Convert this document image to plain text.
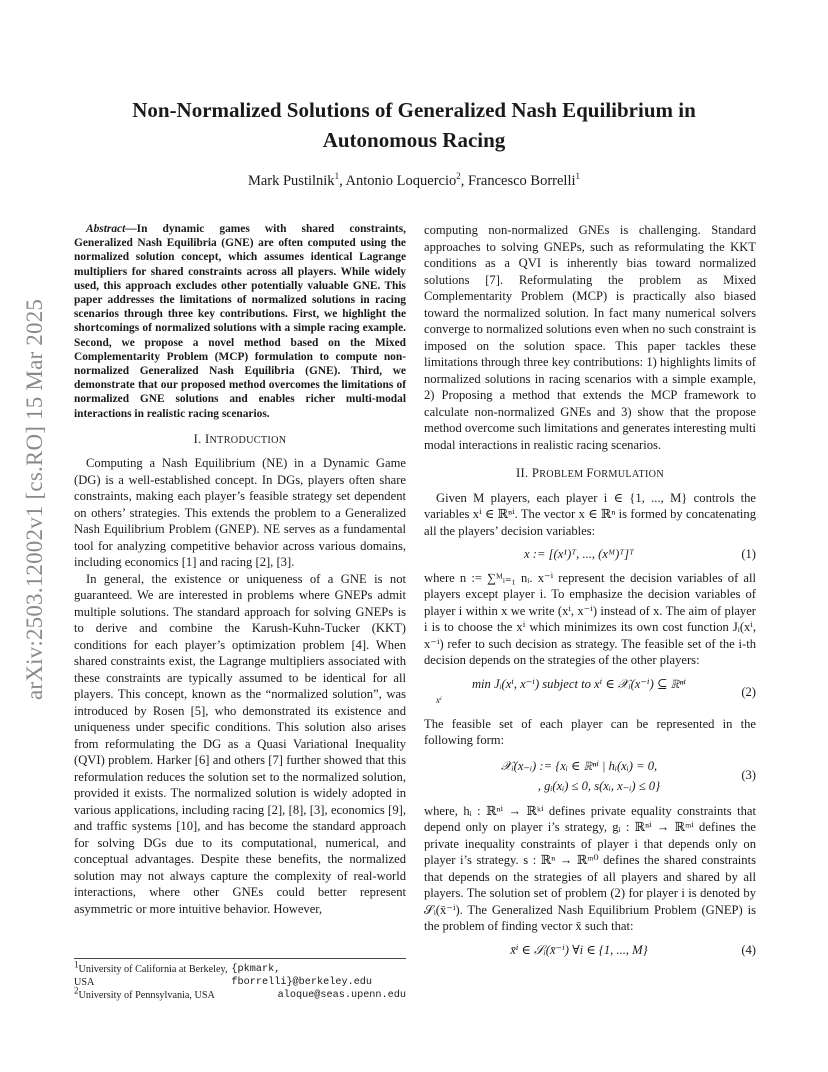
arXiv:2503.12002v1 [cs.RO] 15 Mar 2025
Non-Normalized Solutions of Generalized Nash Equilibrium in Autonomous Racing
Mark Pustilnik$^1$, Antonio Loquercio$^2$, Francesco Borrelli$^1$
Abstract—In dynamic games with shared constraints, Generalized Nash Equilibria (GNE) are often computed using the normalized solution concept, which assumes identical Lagrange multipliers for shared constraints across all players. While widely used, this approach excludes other potentially valuable GNE. This paper addresses the limitations of normalized solutions in racing scenarios through three key contributions. First, we highlight the shortcomings of normalized solutions with a simple racing example. Second, we propose a novel method based on the Mixed Complementarity Problem (MCP) formulation to compute non-normalized Generalized Nash Equilibria (GNE). Third, we demonstrate that our proposed method overcomes the limitations of normalized GNE solutions and enables richer multi-modal interactions in realistic racing scenarios.
I. INTRODUCTION

Computing a Nash Equilibrium (NE) in a Dynamic Game (DG) is a well-established concept. In DGs, players often share constraints, making each player’s feasible strategy set dependent on others’ strategies. This extends the problem to a Generalized Nash Equilibrium Problem (GNEP). NE serves as a fundamental tool for analyzing competitive behavior across various domains, including economics [1] and racing [2], [3].

In general, the existence or uniqueness of a GNE is not guaranteed. We are interested in problems where GNEPs admit multiple solutions. The standard approach for solving GNEPs is to derive and combine the Karush-Kuhn-Tucker (KKT) conditions for each player’s optimization problem [4]. When shared constraints exist, the Lagrange multipliers associated with these constraints are typically assumed to be identical for all players. This concept, known as the “normalized solution”, was introduced by Rosen [5], who demonstrated its existence and uniqueness under specific conditions. This solution also arises from reformulating the DG as a Quasi Variational Inequality (QVI) problem. Harker [6] and others [7] further showed that this reformulation reduces the solution set to the normalized solution, provided it exists. The normalized solution is widely adopted in various applications, including racing [2], [8], [3], economics [9], and traffic systems [10], and has become the standard approach for solving DGs due to its computational, numerical, and conceptual advantages. Despite these benefits, the normalized solution may not always capture the complexity of real-world interactions, where other GNEs could better represent asymmetric or more intuitive behavior. However,

computing non-normalized GNEs is challenging. Standard approaches to solving GNEPs, such as reformulating the KKT conditions as a QVI is inherently bias toward normalized solutions [7]. Reformulating the problem as Mixed Complementarity Problem (MCP) is practically also biased toward the normalized solution. In fact many numerical solvers converge to normalized solutions even when no such constraint is imposed on the solution space. This paper tackles these limitations through three key contributions: 1) highlights limits of normalized solutions in racing scenarios with a simple example, 2) Proposing a method that extends the MCP framework to calculate non-normalized GNEs and 3) show that the propose method overcome such limitations and generates interesting multi modal interactions in realistic racing scenarios.

II. PROBLEM FORMULATION

Given M players, each player i ∈ {1, ..., M} controls the variables xⁱ ∈ ℝⁿⁱ. The vector x ∈ ℝⁿ is formed by concatenating all the players’ decision variables:

x := [(x¹)ᵀ, ..., (xᴹ)ᵀ]ᵀ	(1)

where n := ∑ᴹᵢ₌₁ nᵢ. x⁻ⁱ represent the decision variables of all players except player i. To emphasize the decision variables of player i within x we write (xⁱ, x⁻ⁱ) instead of x. The aim of player i is to choose the xⁱ which minimizes its own cost function Jᵢ(xⁱ, x⁻ⁱ) refer to such decision as strategy. The feasible set of the i-th decision depends on the strategies of the other players:

min Jᵢ(xⁱ, x⁻ⁱ) subject to xⁱ ∈ 𝒳ᵢ(x⁻ⁱ) ⊆ ℝⁿⁱ
xⁱ
(2)

The feasible set of each player can be represented in the following form:

𝒳ᵢ(x₋ᵢ) := {xᵢ ∈ ℝⁿⁱ | hᵢ(xᵢ) = 0,
, gᵢ(xᵢ) ≤ 0, s(xᵢ, x₋ᵢ) ≤ 0}
(3)

where, hᵢ : ℝⁿⁱ → ℝᵏⁱ defines private equality constraints that depend only on player i’s strategy, gᵢ : ℝⁿⁱ → ℝᵐⁱ defines the private inequality constraints of player i that depends only on player i’s strategy. s : ℝⁿ → ℝᵐ⁰ defines the shared constraints that depends on the strategies of all players and shared by all players. The solution set of problem (2) for player i is denoted by 𝒮ᵢ(x̄⁻ⁱ). The Generalized Nash Equilibrium Problem (GNEP) is the problem of finding vector x̄ such that:

x̄ⁱ ∈ 𝒮ᵢ(x̄⁻ⁱ) ∀i ∈ {1, ..., M}	(4)
$^1$University of California at Berkeley, USA
{pkmark, fborrelli}@berkeley.edu
$^2$University of Pennsylvania, USA	aloque@seas.upenn.edu
